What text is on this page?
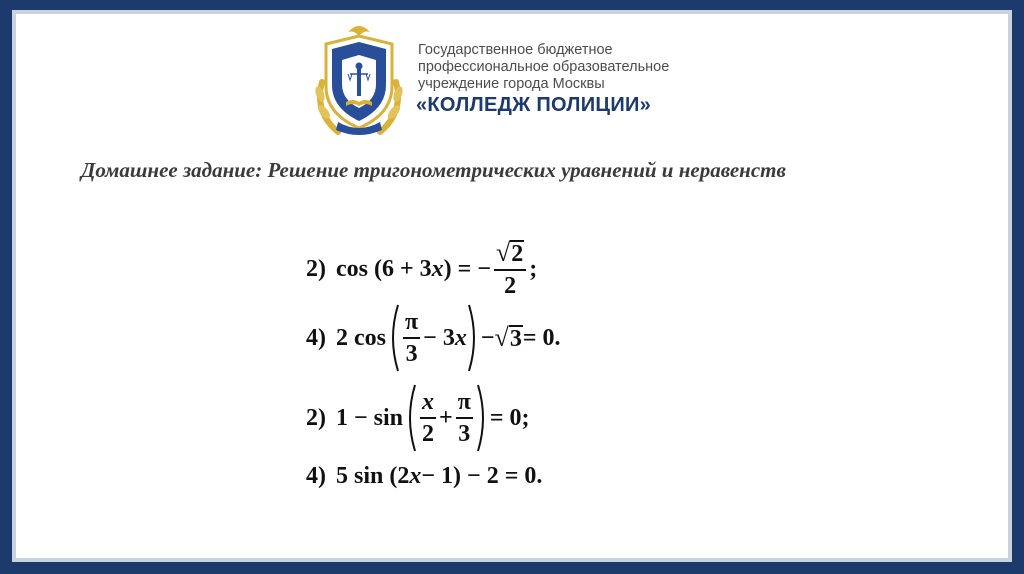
Государственное бюджетное
профессиональное образовательное
учреждение города Москвы
«КОЛЛЕДЖ ПОЛИЦИИ»
Домашнее задание: Решение тригонометрических уравнений и неравенств
2) cos (6 + 3 x ) = − $\frac{√ 2}{2}$ ;
4) 2 $\cos \frac{\pi}{3} - 3$ x − √ 3 = 0.
2) $1 - \sin \frac{x}{2} + \frac{\pi}{3} = 0$;
4) 5 sin (2 x − 1) − 2 = 0.
